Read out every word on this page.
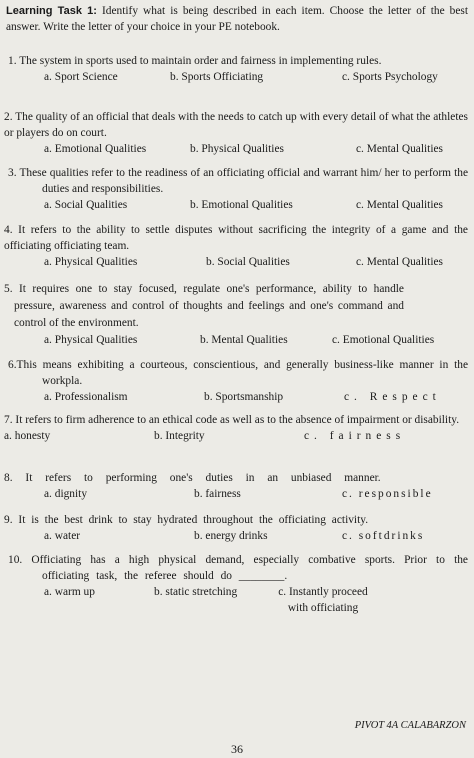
Learning Task 1: Identify what is being described in each item. Choose the letter of the best answer. Write the letter of your choice in your PE notebook.
1. The system in sports used to maintain order and fairness in implementing rules.
a. Sport Science	b. Sports Officiating	c. Sports Psychology
2. The quality of an official that deals with the needs to catch up with every detail of what the athletes or players do on court.
a. Emotional Qualities	b. Physical Qualities	c. Mental Qualities
3. These qualities refer to the readiness of an officiating official and warrant him/ her to perform the duties and responsibilities.
a. Social Qualities	b. Emotional Qualities	c. Mental Qualities
4. It refers to the ability to settle disputes without sacrificing the integrity of a game and the officiating officiating team.
a. Physical Qualities	b. Social Qualities	c. Mental Qualities
5. It requires one to stay focused, regulate one's performance, ability to handle pressure, awareness and control of thoughts and feelings and one's command and control of the environment.
a. Physical Qualities	b. Mental Qualities	c. Emotional Qualities
6.This means exhibiting a courteous, conscientious, and generally business-like manner in the workpla.
a. Professionalism	b. Sportsmanship	c. Respect
7. It refers to firm adherence to an ethical code as well as to the absence of impairment or disability.
a. honesty	b. Integrity	c. fairness
8. It refers to performing one's duties in an unbiased manner.
a. dignity	b. fairness	c. responsible
9. It is the best drink to stay hydrated throughout the officiating activity.
a. water	b. energy drinks	c. softdrinks
10. Officiating has a high physical demand, especially combative sports. Prior to the officiating task, the referee should do ________.
a. warm up	b. static stretching	c. Instantly proceed with officiating
PIVOT 4A CALABARZON
36
